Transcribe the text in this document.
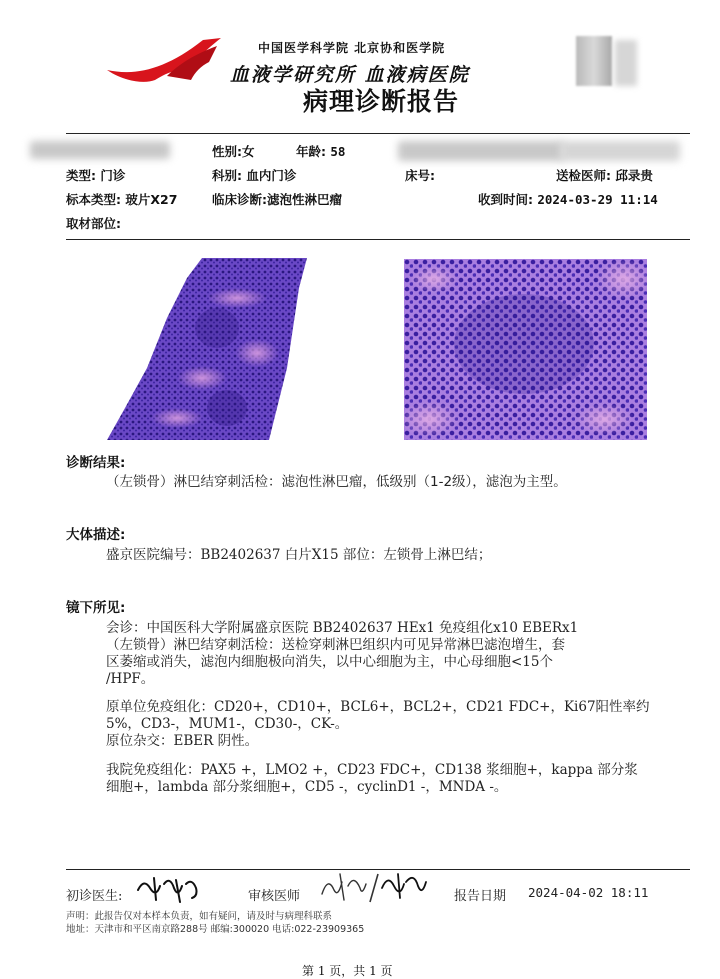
中国医学科学院 北京协和医学院
血液学研究所 血液病医院
病理诊断报告
性别:女	年龄: 58
类型: 门诊	科别: 血内门诊	床号:	送检医师: 邱录贵
标本类型: 玻片X27	临床诊断:滤泡性淋巴瘤	收到时间: 2024-03-29 11:14
取材部位:
诊断结果:
（左锁骨）淋巴结穿刺活检：滤泡性淋巴瘤，低级别（1-2级），滤泡为主型。
大体描述:
盛京医院编号：BB2402637 白片X15 部位：左锁骨上淋巴结；
镜下所见:
会诊：中国医科大学附属盛京医院 BB2402637 HEx1 免疫组化x10 EBERx1
（左锁骨）淋巴结穿刺活检：送检穿刺淋巴组织内可见异常淋巴滤泡增生，套
区萎缩或消失，滤泡内细胞极向消失，以中心细胞为主，中心母细胞<15个
/HPF。
原单位免疫组化：CD20+，CD10+，BCL6+，BCL2+，CD21 FDC+，Ki67阳性率约
5%，CD3-，MUM1-，CD30-，CK-。
原位杂交：EBER 阴性。
我院免疫组化：PAX5 +，LMO2 +，CD23 FDC+，CD138 浆细胞+，kappa 部分浆
细胞+，lambda 部分浆细胞+，CD5 -，cyclinD1 -，MNDA -。
初诊医生:	审核医师	报告日期 2024-04-02 18:11
声明：此报告仅对本样本负责，如有疑问，请及时与病理科联系
地址：天津市和平区南京路288号 邮编:300020 电话:022-23909365
第 1 页，共 1 页
